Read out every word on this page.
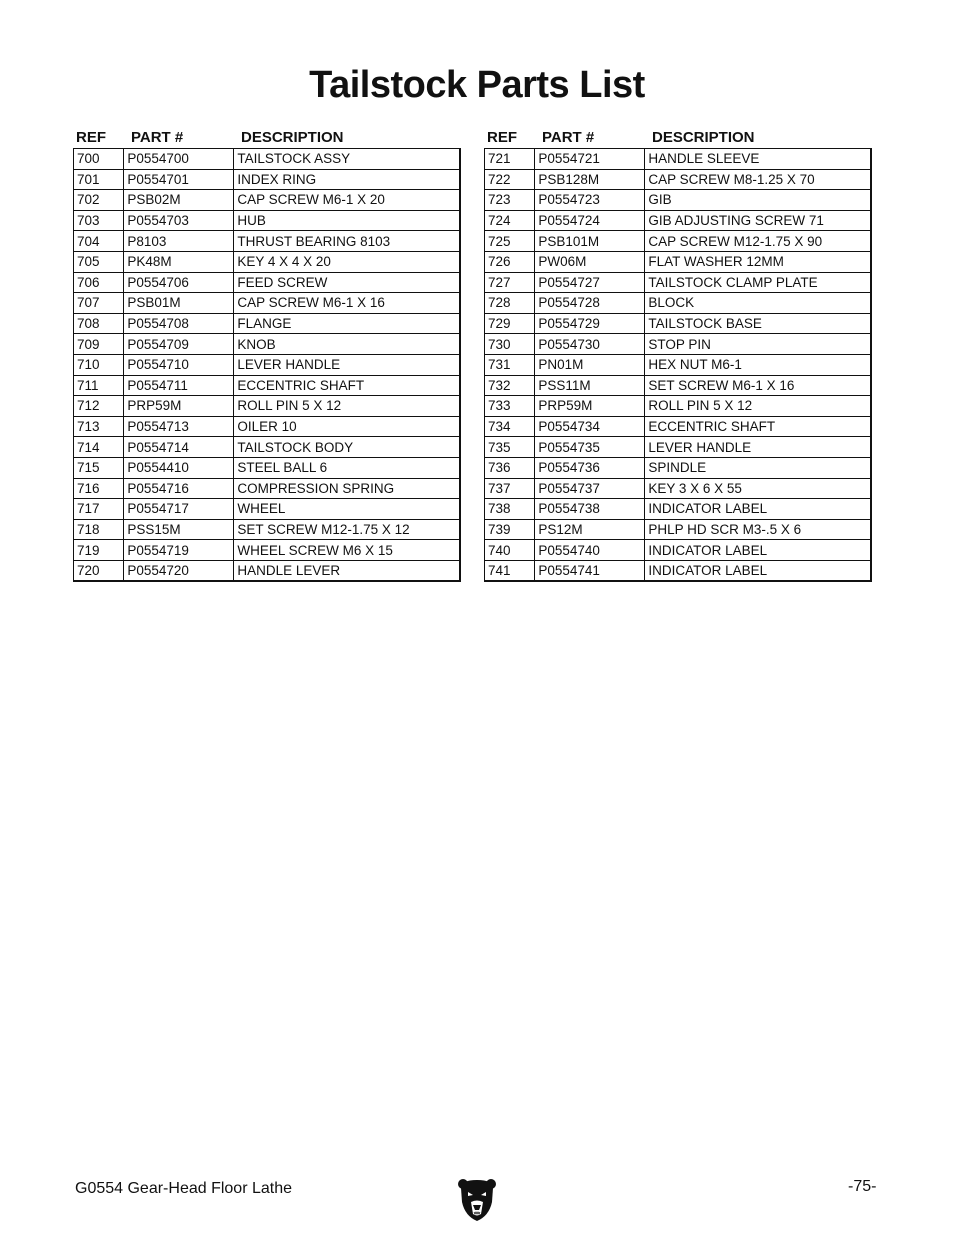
Tailstock Parts List
REF	PART #	DESCRIPTION
700	P0554700	TAILSTOCK ASSY
701	P0554701	INDEX RING
702	PSB02M	CAP SCREW M6-1 X 20
703	P0554703	HUB
704	P8103	THRUST BEARING 8103
705	PK48M	KEY 4 X 4 X 20
706	P0554706	FEED SCREW
707	PSB01M	CAP SCREW M6-1 X 16
708	P0554708	FLANGE
709	P0554709	KNOB
710	P0554710	LEVER HANDLE
711	P0554711	ECCENTRIC SHAFT
712	PRP59M	ROLL PIN 5 X 12
713	P0554713	OILER 10
714	P0554714	TAILSTOCK BODY
715	P0554410	STEEL BALL 6
716	P0554716	COMPRESSION SPRING
717	P0554717	WHEEL
718	PSS15M	SET SCREW M12-1.75 X 12
719	P0554719	WHEEL SCREW M6 X 15
720	P0554720	HANDLE LEVER
REF	PART #	DESCRIPTION
721	P0554721	HANDLE SLEEVE
722	PSB128M	CAP SCREW M8-1.25 X 70
723	P0554723	GIB
724	P0554724	GIB ADJUSTING SCREW 71
725	PSB101M	CAP SCREW M12-1.75 X 90
726	PW06M	FLAT WASHER 12MM
727	P0554727	TAILSTOCK CLAMP PLATE
728	P0554728	BLOCK
729	P0554729	TAILSTOCK BASE
730	P0554730	STOP PIN
731	PN01M	HEX NUT M6-1
732	PSS11M	SET SCREW M6-1 X 16
733	PRP59M	ROLL PIN 5 X 12
734	P0554734	ECCENTRIC SHAFT
735	P0554735	LEVER HANDLE
736	P0554736	SPINDLE
737	P0554737	KEY 3 X 6 X 55
738	P0554738	INDICATOR LABEL
739	PS12M	PHLP HD SCR M3-.5 X 6
740	P0554740	INDICATOR LABEL
741	P0554741	INDICATOR LABEL
G0554 Gear-Head Floor Lathe	-75-
